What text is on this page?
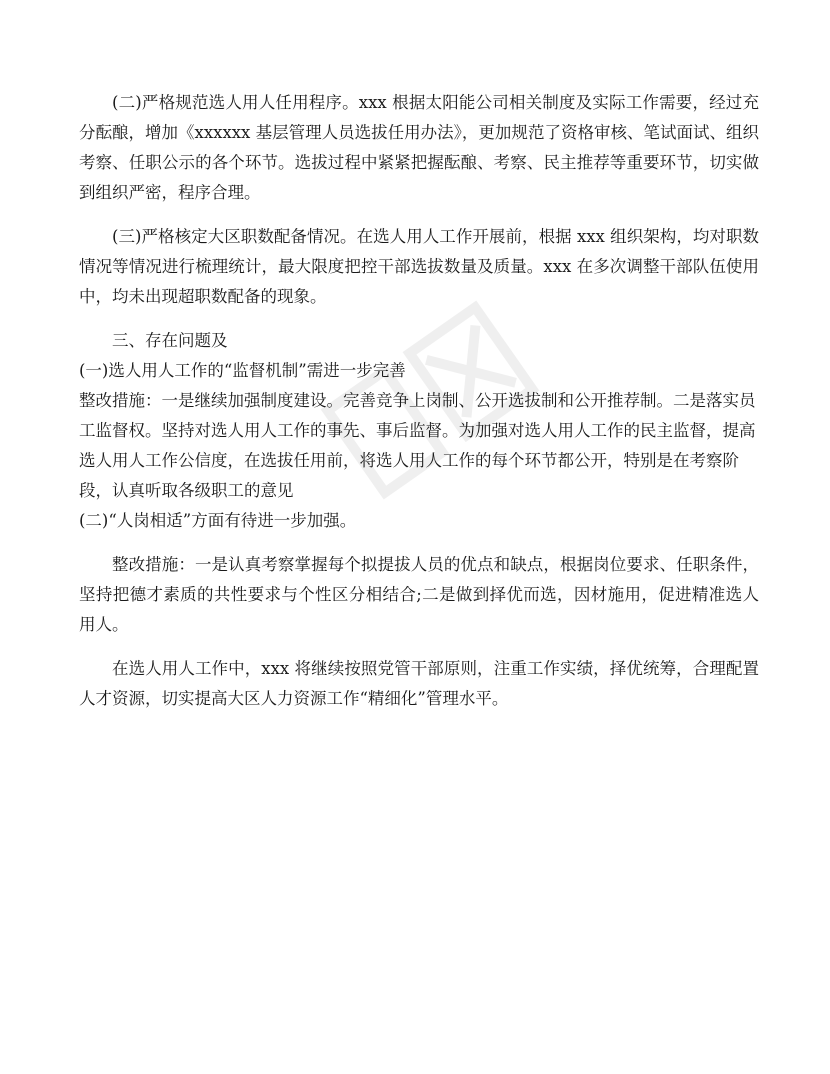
(二)严格规范选人用人任用程序。xxx 根据太阳能公司相关制度及实际工作需要，经过充分酝酿，增加《xxxxxx 基层管理人员选拔任用办法》，更加规范了资格审核、笔试面试、组织考察、任职公示的各个环节。选拔过程中紧紧把握酝酿、考察、民主推荐等重要环节，切实做到组织严密，程序合理。

(三)严格核定大区职数配备情况。在选人用人工作开展前，根据 xxx 组织架构，均对职数情况等情况进行梳理统计，最大限度把控干部选拔数量及质量。xxx 在多次调整干部队伍使用中，均未出现超职数配备的现象。

三、存在问题及

(一)选人用人工作的“监督机制”需进一步完善

整改措施：一是继续加强制度建设。完善竞争上岗制、公开选拔制和公开推荐制。二是落实员工监督权。坚持对选人用人工作的事先、事后监督。为加强对选人用人工作的民主监督，提高选人用人工作公信度，在选拔任用前，将选人用人工作的每个环节都公开，特别是在考察阶段，认真听取各级职工的意见

(二)“人岗相适”方面有待进一步加强。

整改措施：一是认真考察掌握每个拟提拔人员的优点和缺点，根据岗位要求、任职条件，坚持把德才素质的共性要求与个性区分相结合;二是做到择优而选，因材施用，促进精准选人用人。

在选人用人工作中，xxx 将继续按照党管干部原则，注重工作实绩，择优统筹，合理配置人才资源，切实提高大区人力资源工作“精细化”管理水平。
